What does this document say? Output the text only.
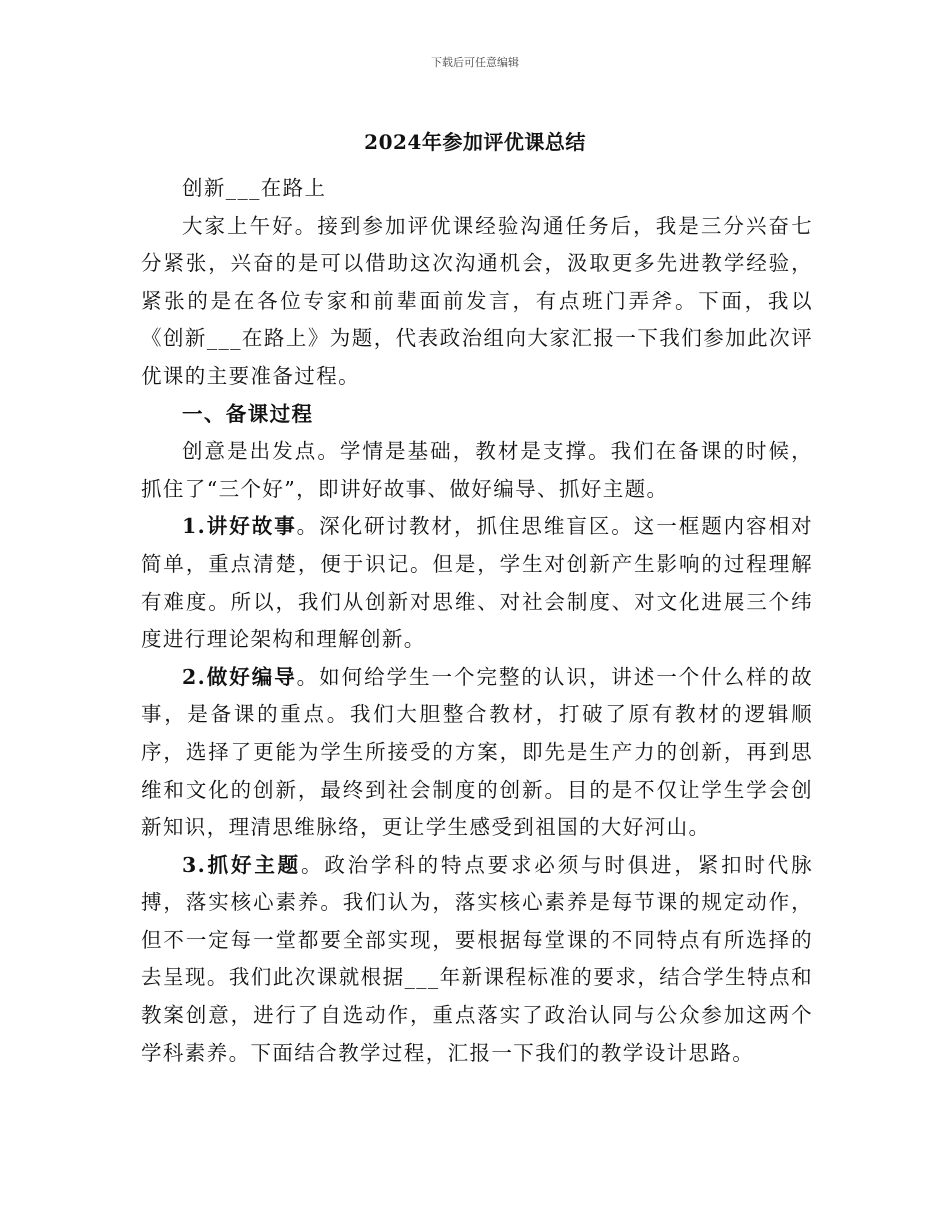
下载后可任意编辑
2024年参加评优课总结

创新___在路上

大家上午好。接到参加评优课经验沟通任务后，我是三分兴奋七分紧张，兴奋的是可以借助这次沟通机会，汲取更多先进教学经验，紧张的是在各位专家和前辈面前发言，有点班门弄斧。下面，我以《创新___在路上》为题，代表政治组向大家汇报一下我们参加此次评优课的主要准备过程。

一、备课过程

创意是出发点。学情是基础，教材是支撑。我们在备课的时候，抓住了“三个好”，即讲好故事、做好编导、抓好主题。

1.讲好故事。深化研讨教材，抓住思维盲区。这一框题内容相对简单，重点清楚，便于识记。但是，学生对创新产生影响的过程理解有难度。所以，我们从创新对思维、对社会制度、对文化进展三个纬度进行理论架构和理解创新。

2.做好编导。如何给学生一个完整的认识，讲述一个什么样的故事，是备课的重点。我们大胆整合教材，打破了原有教材的逻辑顺序，选择了更能为学生所接受的方案，即先是生产力的创新，再到思维和文化的创新，最终到社会制度的创新。目的是不仅让学生学会创新知识，理清思维脉络，更让学生感受到祖国的大好河山。

3.抓好主题。政治学科的特点要求必须与时俱进，紧扣时代脉搏，落实核心素养。我们认为，落实核心素养是每节课的规定动作，但不一定每一堂都要全部实现，要根据每堂课的不同特点有所选择的去呈现。我们此次课就根据___年新课程标准的要求，结合学生特点和教案创意，进行了自选动作，重点落实了政治认同与公众参加这两个学科素养。下面结合教学过程，汇报一下我们的教学设计思路。
